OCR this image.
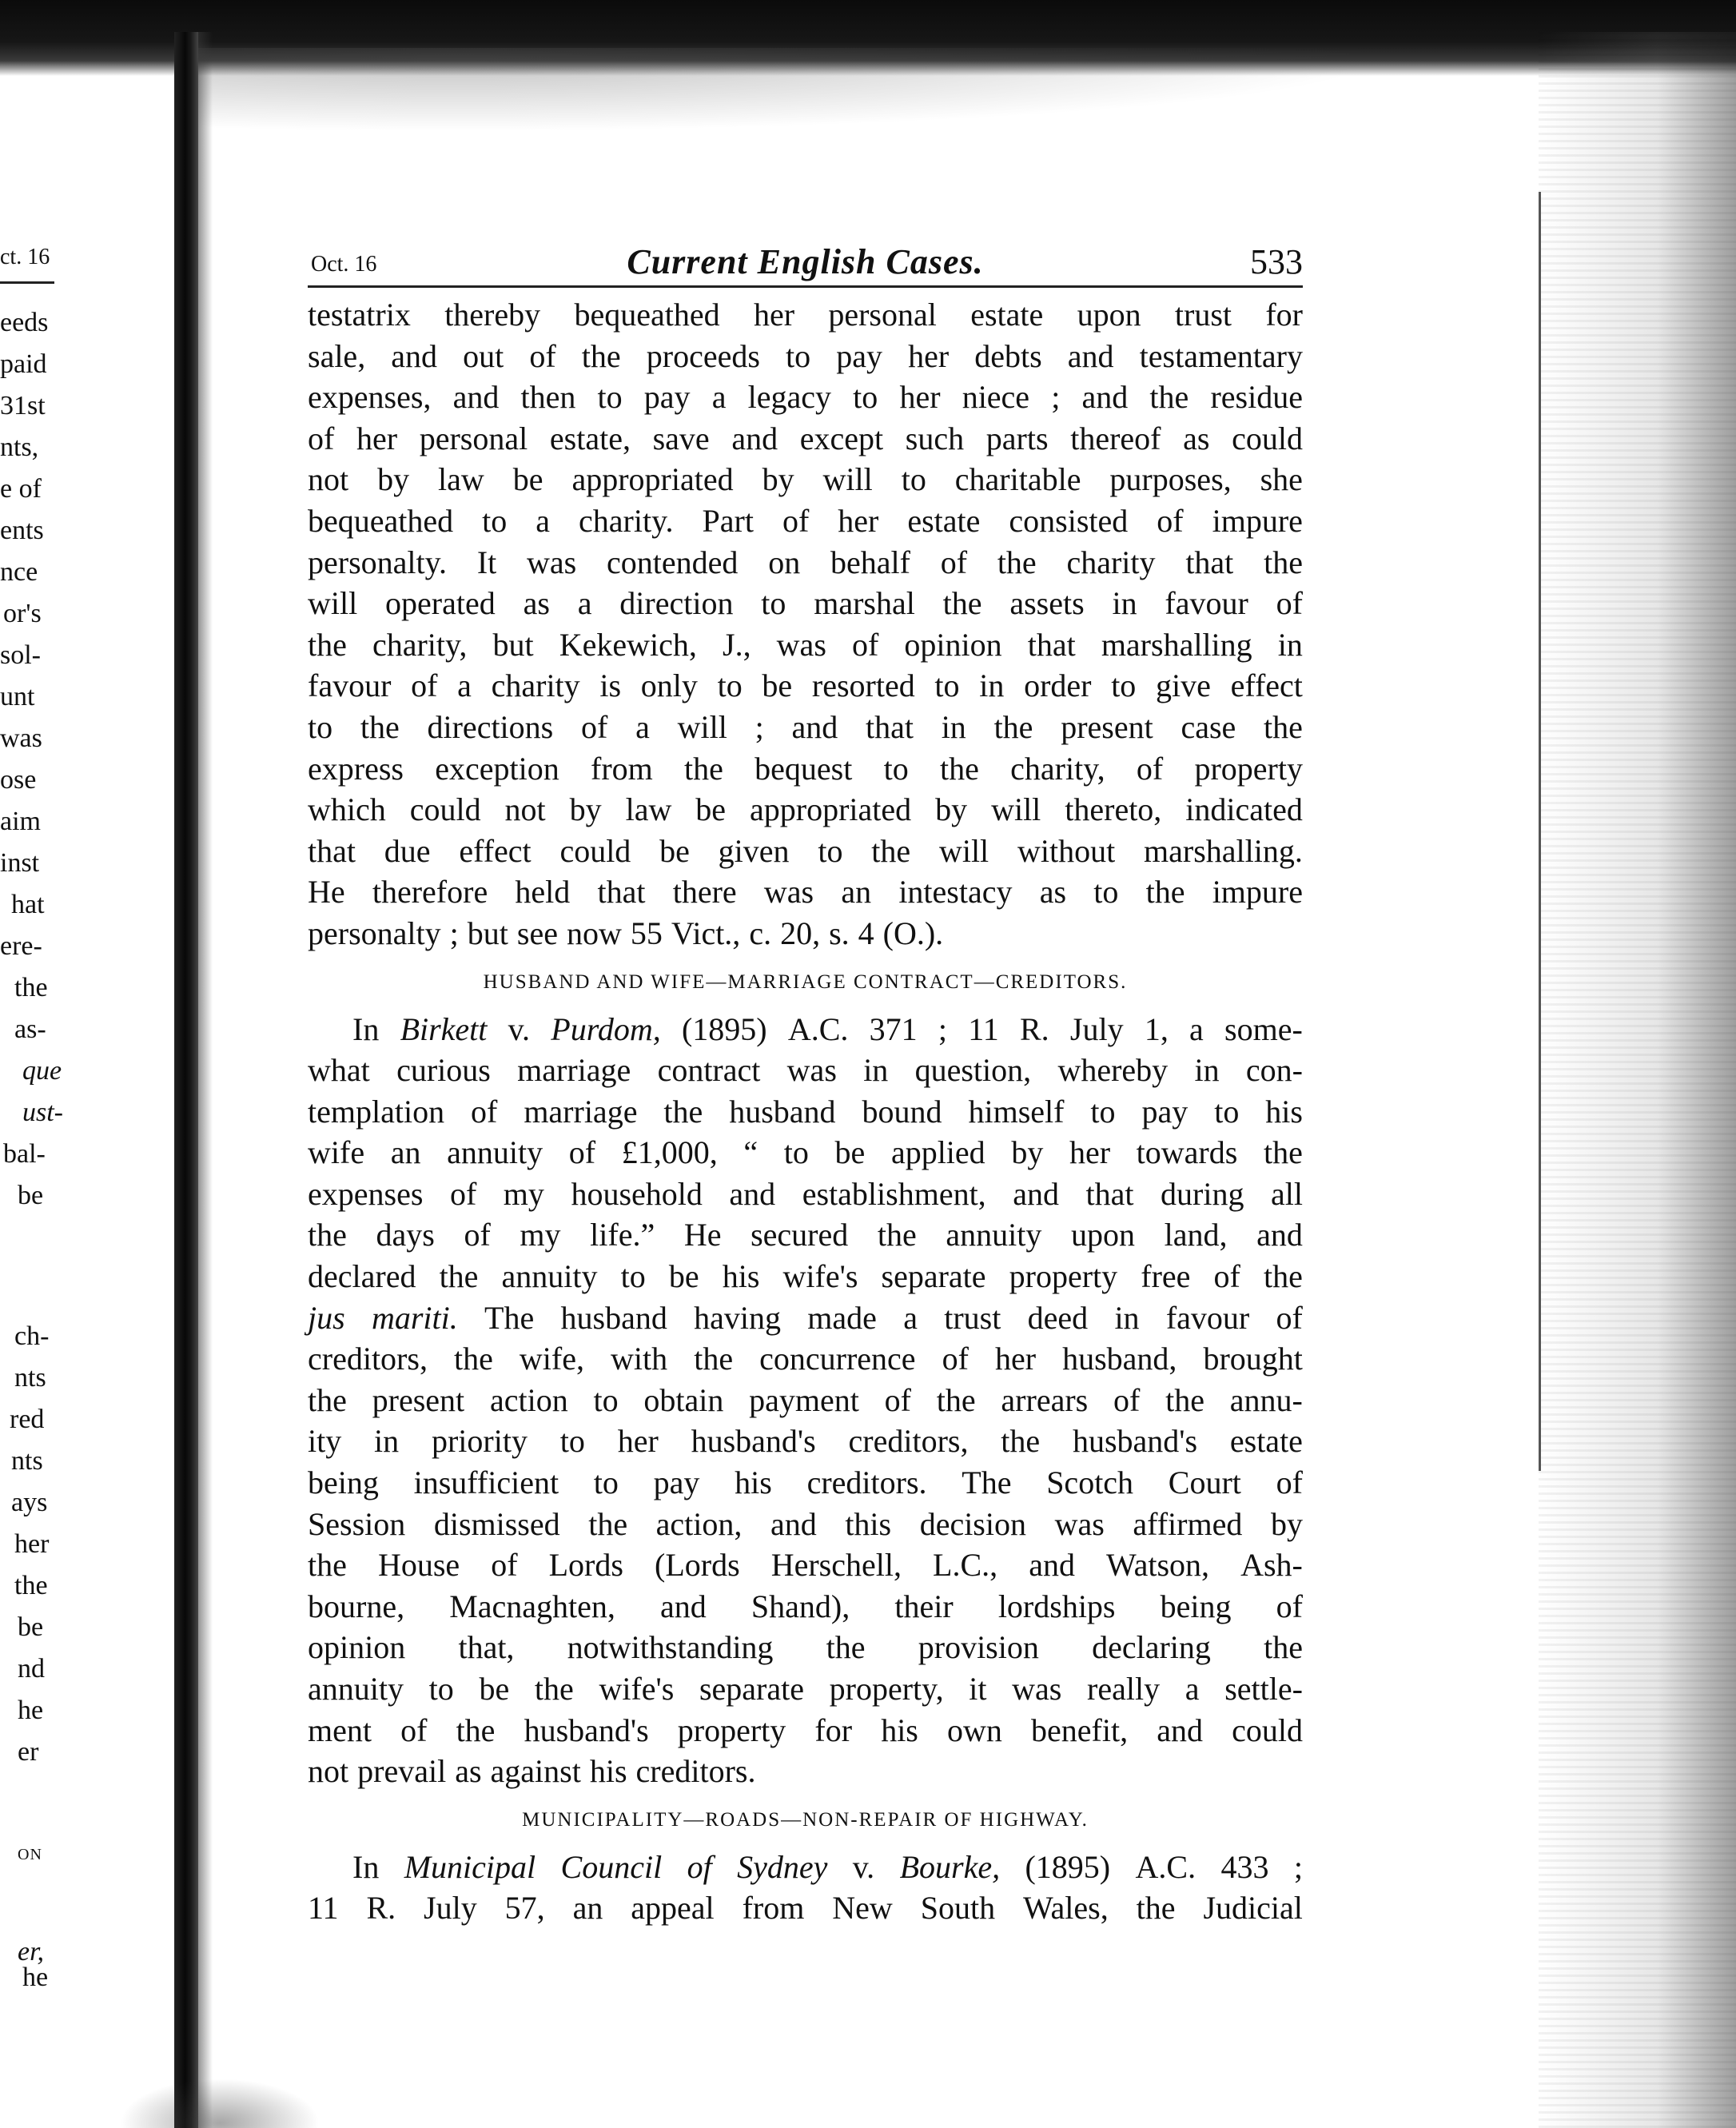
ct. 16
eeds
paid
31st
nts,
e of
ents
nce
or's
sol-
unt
was
ose
aim
inst
hat
ere-
the
as-
que
ust-
bal-
be
ch-
nts
red
nts
ays
her
the
be
nd
he
er
ON
er,
he
Oct. 16	Current English Cases.	533
testatrix thereby bequeathed her personal estate upon trust for
sale, and out of the proceeds to pay her debts and testamentary
expenses, and then to pay a legacy to her niece ; and the residue
of her personal estate, save and except such parts thereof as could
not by law be appropriated by will to charitable purposes, she
bequeathed to a charity. Part of her estate consisted of impure
personalty. It was contended on behalf of the charity that the
will operated as a direction to marshal the assets in favour of
the charity, but Kekewich, J., was of opinion that marshalling in
favour of a charity is only to be resorted to in order to give effect
to the directions of a will ; and that in the present case the
express exception from the bequest to the charity, of property
which could not by law be appropriated by will thereto, indicated
that due effect could be given to the will without marshalling.
He therefore held that there was an intestacy as to the impure
personalty ; but see now 55 Vict., c. 20, s. 4 (O.).
HUSBAND AND WIFE—MARRIAGE CONTRACT—CREDITORS.
In Birkett v. Purdom, (1895) A.C. 371 ; 11 R. July 1, a some-
what curious marriage contract was in question, whereby in con-
templation of marriage the husband bound himself to pay to his
wife an annuity of £1,000, “ to be applied by her towards the
expenses of my household and establishment, and that during all
the days of my life.” He secured the annuity upon land, and
declared the annuity to be his wife's separate property free of the
jus mariti. The husband having made a trust deed in favour of
creditors, the wife, with the concurrence of her husband, brought
the present action to obtain payment of the arrears of the annu-
ity in priority to her husband's creditors, the husband's estate
being insufficient to pay his creditors. The Scotch Court of
Session dismissed the action, and this decision was affirmed by
the House of Lords (Lords Herschell, L.C., and Watson, Ash-
bourne, Macnaghten, and Shand), their lordships being of
opinion that, notwithstanding the provision declaring the
annuity to be the wife's separate property, it was really a settle-
ment of the husband's property for his own benefit, and could
not prevail as against his creditors.
MUNICIPALITY—ROADS—NON-REPAIR OF HIGHWAY.
In Municipal Council of Sydney v. Bourke, (1895) A.C. 433 ;
11 R. July 57, an appeal from New South Wales, the Judicial
